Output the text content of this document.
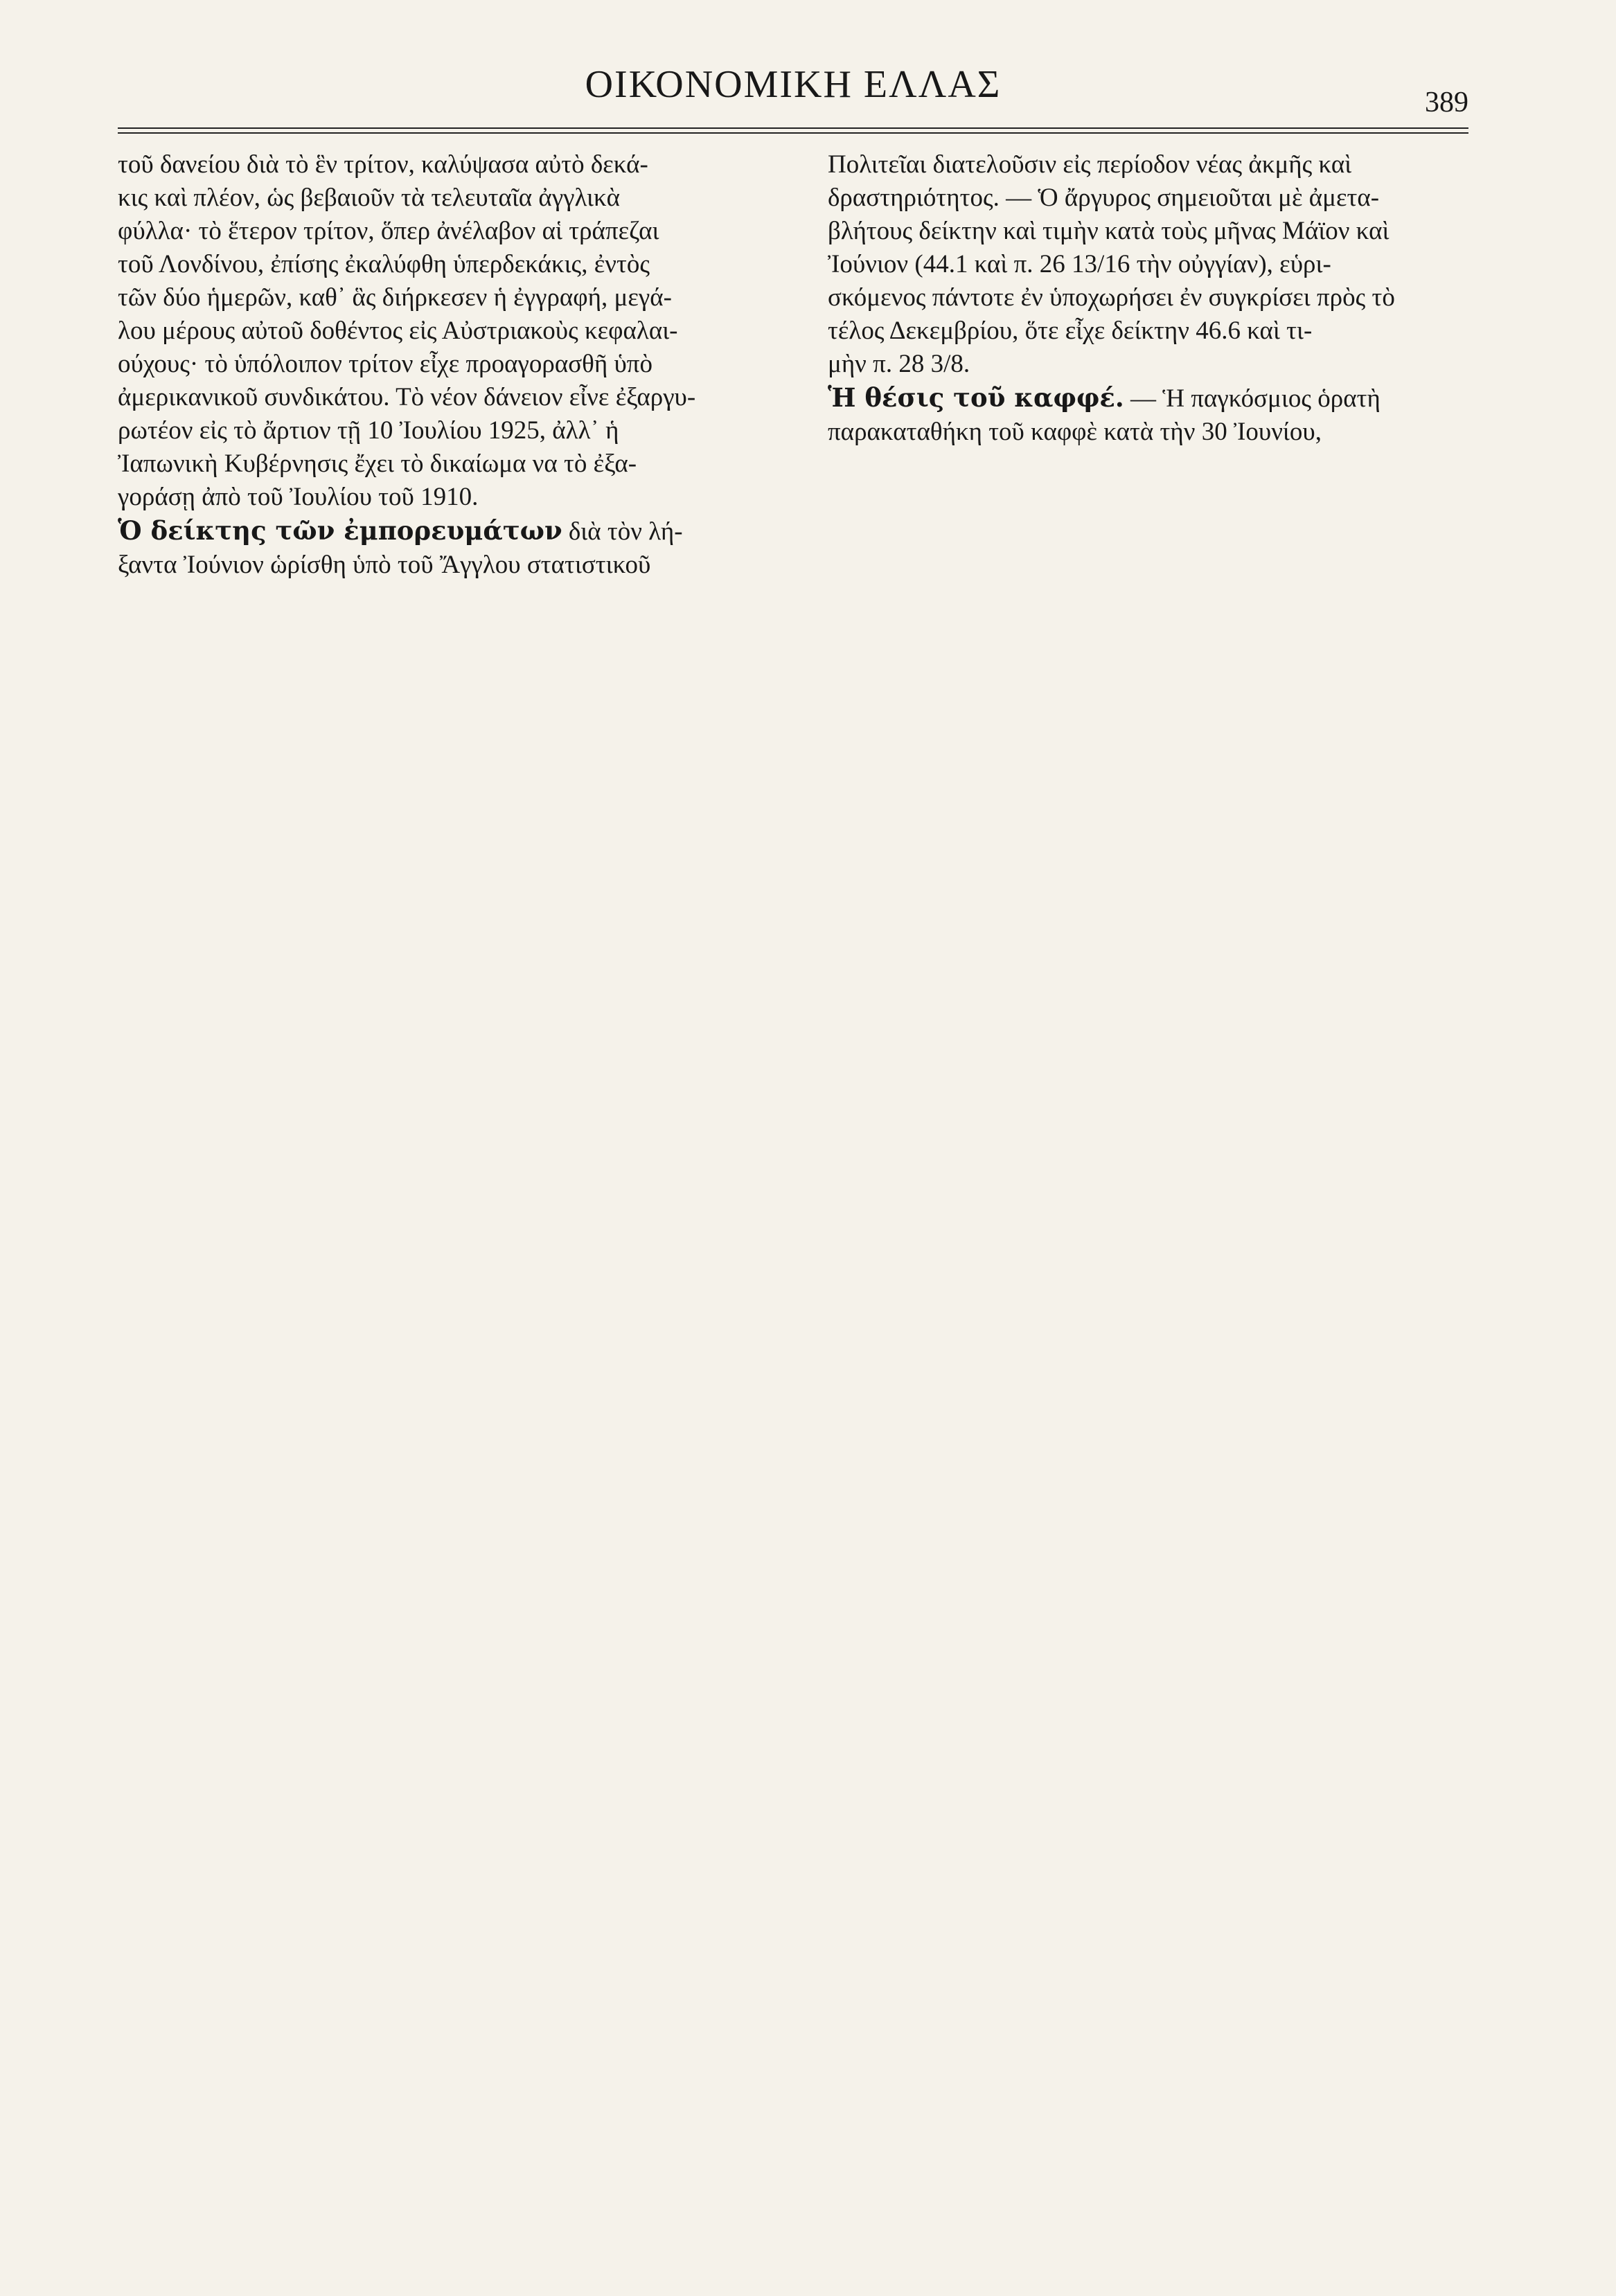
ΟΙΚΟΝΟΜΙΚΗ ΕΛΛΑΣ	389
τοῦ δανείου διὰ τὸ ἓν τρίτον, καλύψασα αὐτὸ δεκά-
κις καὶ πλέον, ὡς βεβαιοῦν τὰ τελευταῖα ἀγγλικὰ
φύλλα· τὸ ἕτερον τρίτον, ὅπερ ἀνέλαβον αἱ τράπεζαι
τοῦ Λονδίνου, ἐπίσης ἐκαλύφθη ὑπερδεκάκις, ἐντὸς
τῶν δύο ἡμερῶν, καθ᾽ ἃς διήρκεσεν ἡ ἐγγραφή, μεγά-
λου μέρους αὐτοῦ δοθέντος εἰς Αὐστριακοὺς κεφαλαι-
ούχους· τὸ ὑπόλοιπον τρίτον εἶχε προαγορασθῆ ὑπὸ
ἀμερικανικοῦ συνδικάτου. Τὸ νέον δάνειον εἶνε ἐξαργυ-
ρωτέον εἰς τὸ ἄρτιον τῇ 10 Ἰουλίου 1925, ἀλλ᾽ ἡ
Ἰαπωνικὴ Κυβέρνησις ἔχει τὸ δικαίωμα να τὸ ἐξα-
γοράσῃ ἀπὸ τοῦ Ἰουλίου τοῦ 1910.
Ὁ δείκτης τῶν ἐμπορευμάτων διὰ τὸν λή-
ξαντα Ἰούνιον ὡρίσθη ὑπὸ τοῦ Ἄγγλου στατιστικοῦ
Πολιτεῖαι διατελοῦσιν εἰς περίοδον νέας ἀκμῆς καὶ
δραστηριότητος. — Ὁ ἄργυρος σημειοῦται μὲ ἀμετα-
βλήτους δείκτην καὶ τιμὴν κατὰ τοὺς μῆνας Μάϊον καὶ
Ἰούνιον (44.1 καὶ π. 26 13/16 τὴν οὐγγίαν), εὑρι-
σκόμενος πάντοτε ἐν ὑποχωρήσει ἐν συγκρίσει πρὸς τὸ
τέλος Δεκεμβρίου, ὅτε εἶχε δείκτην 46.6 καὶ τι-
μὴν π. 28 3/8.
Ἡ θέσις τοῦ καφφέ. — Ἡ παγκόσμιος ὁρατὴ
παρακαταθήκη τοῦ καφφὲ κατὰ τὴν 30 Ἰουνίου,
